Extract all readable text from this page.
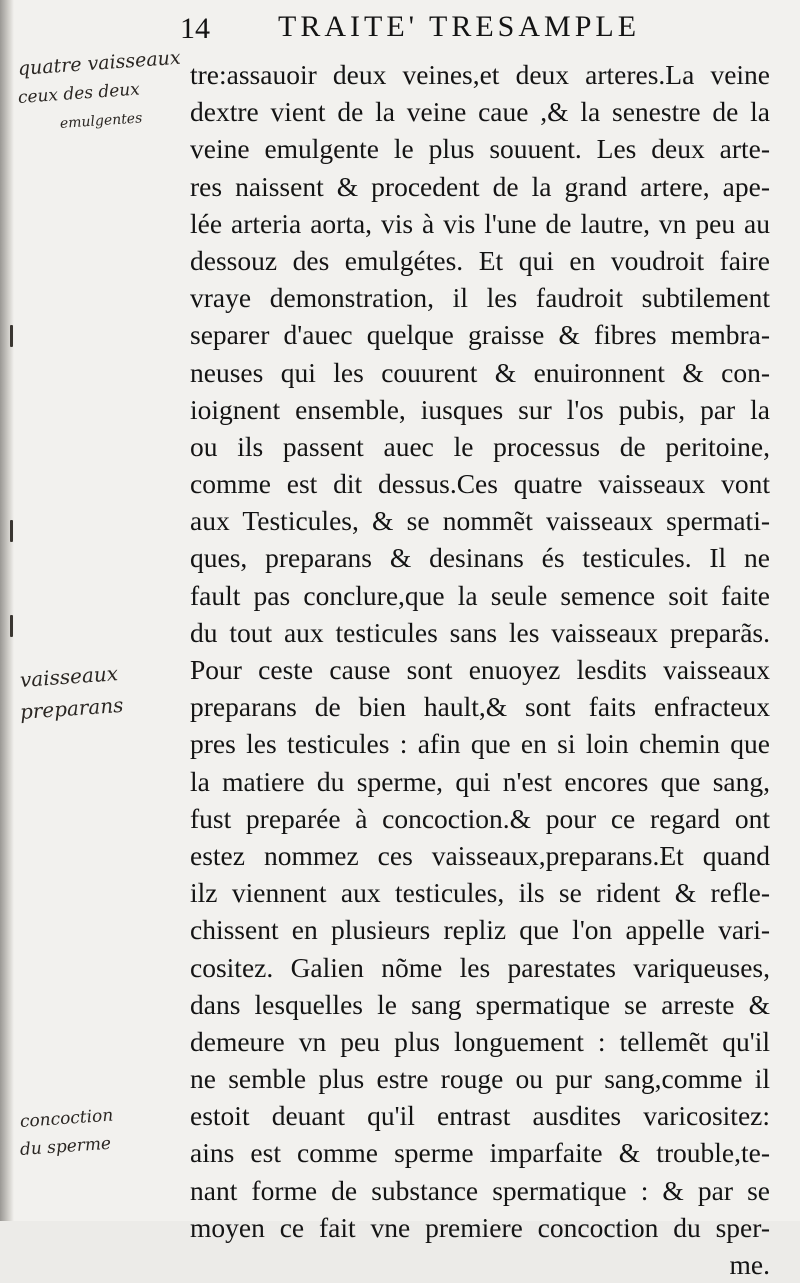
14 TRAITE' TRESAMPLE
quatre vaisseaux
ceux des deux
emulgentes
vaisseaux
preparans
concoction
du sperme
tre:assauoir deux veines,et deux arteres.La veine
dextre vient de la veine caue ,& la senestre de la
veine emulgente le plus souuent. Les deux arte-
res naissent & procedent de la grand artere, ape-
lée arteria aorta, vis à vis l'une de lautre, vn peu au
dessouz des emulgétes. Et qui en voudroit faire
vraye demonstration, il les faudroit subtilement
separer d'auec quelque graisse & fibres membra-
neuses qui les couurent & enuironnent & con-
ioignent ensemble, iusques sur l'os pubis, par la
ou ils passent auec le processus de peritoine,
comme est dit dessus.Ces quatre vaisseaux vont
aux Testicules, & se nommẽt vaisseaux spermati-
ques, preparans & desinans és testicules. Il ne
fault pas conclure,que la seule semence soit faite
du tout aux testicules sans les vaisseaux preparãs.
Pour ceste cause sont enuoyez lesdits vaisseaux
preparans de bien hault,& sont faits enfracteux
pres les testicules : afin que en si loin chemin que
la matiere du sperme, qui n'est encores que sang,
fust preparée à concoction.& pour ce regard ont
estez nommez ces vaisseaux,preparans.Et quand
ilz viennent aux testicules, ils se rident & refle-
chissent en plusieurs repliz que l'on appelle vari-
cositez. Galien nõme les parestates variqueuses,
dans lesquelles le sang spermatique se arreste &
demeure vn peu plus longuement : tellemẽt qu'il
ne semble plus estre rouge ou pur sang,comme il
estoit deuant qu'il entrast ausdites varicositez:
ains est comme sperme imparfaite & trouble,te-
nant forme de substance spermatique : & par se
moyen ce fait vne premiere concoction du sper-
me.
